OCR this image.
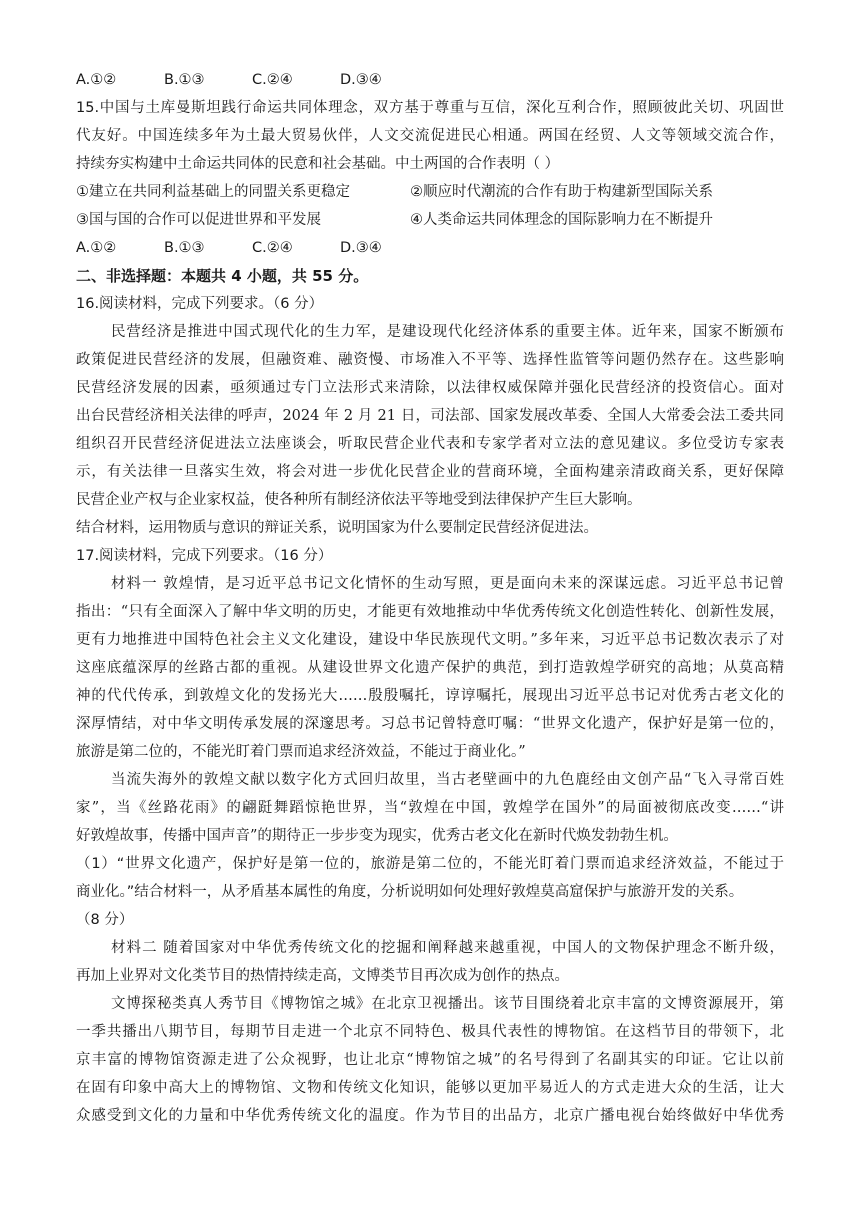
A.①②	B.①③	C.②④	D.③④
15.中国与土库曼斯坦践行命运共同体理念，双方基于尊重与互信，深化互利合作，照顾彼此关切、巩固世
代友好。中国连续多年为土最大贸易伙伴，人文交流促进民心相通。两国在经贸、人文等领域交流合作，
持续夯实构建中土命运共同体的民意和社会基础。中土两国的合作表明（ ）
①建立在共同利益基础上的同盟关系更稳定	②顺应时代潮流的合作有助于构建新型国际关系
③国与国的合作可以促进世界和平发展	④人类命运共同体理念的国际影响力在不断提升
A.①②	B.①③	C.②④	D.③④
二、非选择题：本题共 4 小题，共 55 分。
16.阅读材料，完成下列要求。（6 分）
民营经济是推进中国式现代化的生力军，是建设现代化经济体系的重要主体。近年来，国家不断颁布
政策促进民营经济的发展，但融资难、融资慢、市场准入不平等、选择性监管等问题仍然存在。这些影响
民营经济发展的因素，亟须通过专门立法形式来清除，以法律权威保障并强化民营经济的投资信心。面对
出台民营经济相关法律的呼声，2024 年 2 月 21 日，司法部、国家发展改革委、全国人大常委会法工委共同
组织召开民营经济促进法立法座谈会，听取民营企业代表和专家学者对立法的意见建议。多位受访专家表
示，有关法律一旦落实生效，将会对进一步优化民营企业的营商环境，全面构建亲清政商关系，更好保障
民营企业产权与企业家权益，使各种所有制经济依法平等地受到法律保护产生巨大影响。
结合材料，运用物质与意识的辩证关系，说明国家为什么要制定民营经济促进法。
17.阅读材料，完成下列要求。（16 分）
材料一 敦煌情，是习近平总书记文化情怀的生动写照，更是面向未来的深谋远虑。习近平总书记曾
指出：“只有全面深入了解中华文明的历史，才能更有效地推动中华优秀传统文化创造性转化、创新性发展，
更有力地推进中国特色社会主义文化建设，建设中华民族现代文明。”多年来，习近平总书记数次表示了对
这座底蕴深厚的丝路古都的重视。从建设世界文化遗产保护的典范，到打造敦煌学研究的高地；从莫高精
神的代代传承，到敦煌文化的发扬光大……殷殷嘱托，谆谆嘱托，展现出习近平总书记对优秀古老文化的
深厚情结，对中华文明传承发展的深邃思考。习总书记曾特意叮嘱：“世界文化遗产，保护好是第一位的，
旅游是第二位的，不能光盯着门票而追求经济效益，不能过于商业化。”
当流失海外的敦煌文献以数字化方式回归故里，当古老壁画中的九色鹿经由文创产品“飞入寻常百姓
家”，当《丝路花雨》的翩跹舞蹈惊艳世界，当“敦煌在中国，敦煌学在国外”的局面被彻底改变……“讲
好敦煌故事，传播中国声音”的期待正一步步变为现实，优秀古老文化在新时代焕发勃勃生机。
（1）“世界文化遗产，保护好是第一位的，旅游是第二位的，不能光盯着门票而追求经济效益，不能过于
商业化。”结合材料一，从矛盾基本属性的角度，分析说明如何处理好敦煌莫高窟保护与旅游开发的关系。
（8 分）
材料二 随着国家对中华优秀传统文化的挖掘和阐释越来越重视，中国人的文物保护理念不断升级，
再加上业界对文化类节目的热情持续走高，文博类节目再次成为创作的热点。
文博探秘类真人秀节目《博物馆之城》在北京卫视播出。该节目围绕着北京丰富的文博资源展开，第
一季共播出八期节目，每期节目走进一个北京不同特色、极具代表性的博物馆。在这档节目的带领下，北
京丰富的博物馆资源走进了公众视野，也让北京“博物馆之城”的名号得到了名副其实的印证。它让以前
在固有印象中高大上的博物馆、文物和传统文化知识，能够以更加平易近人的方式走进大众的生活，让大
众感受到文化的力量和中华优秀传统文化的温度。作为节目的出品方，北京广播电视台始终做好中华优秀
